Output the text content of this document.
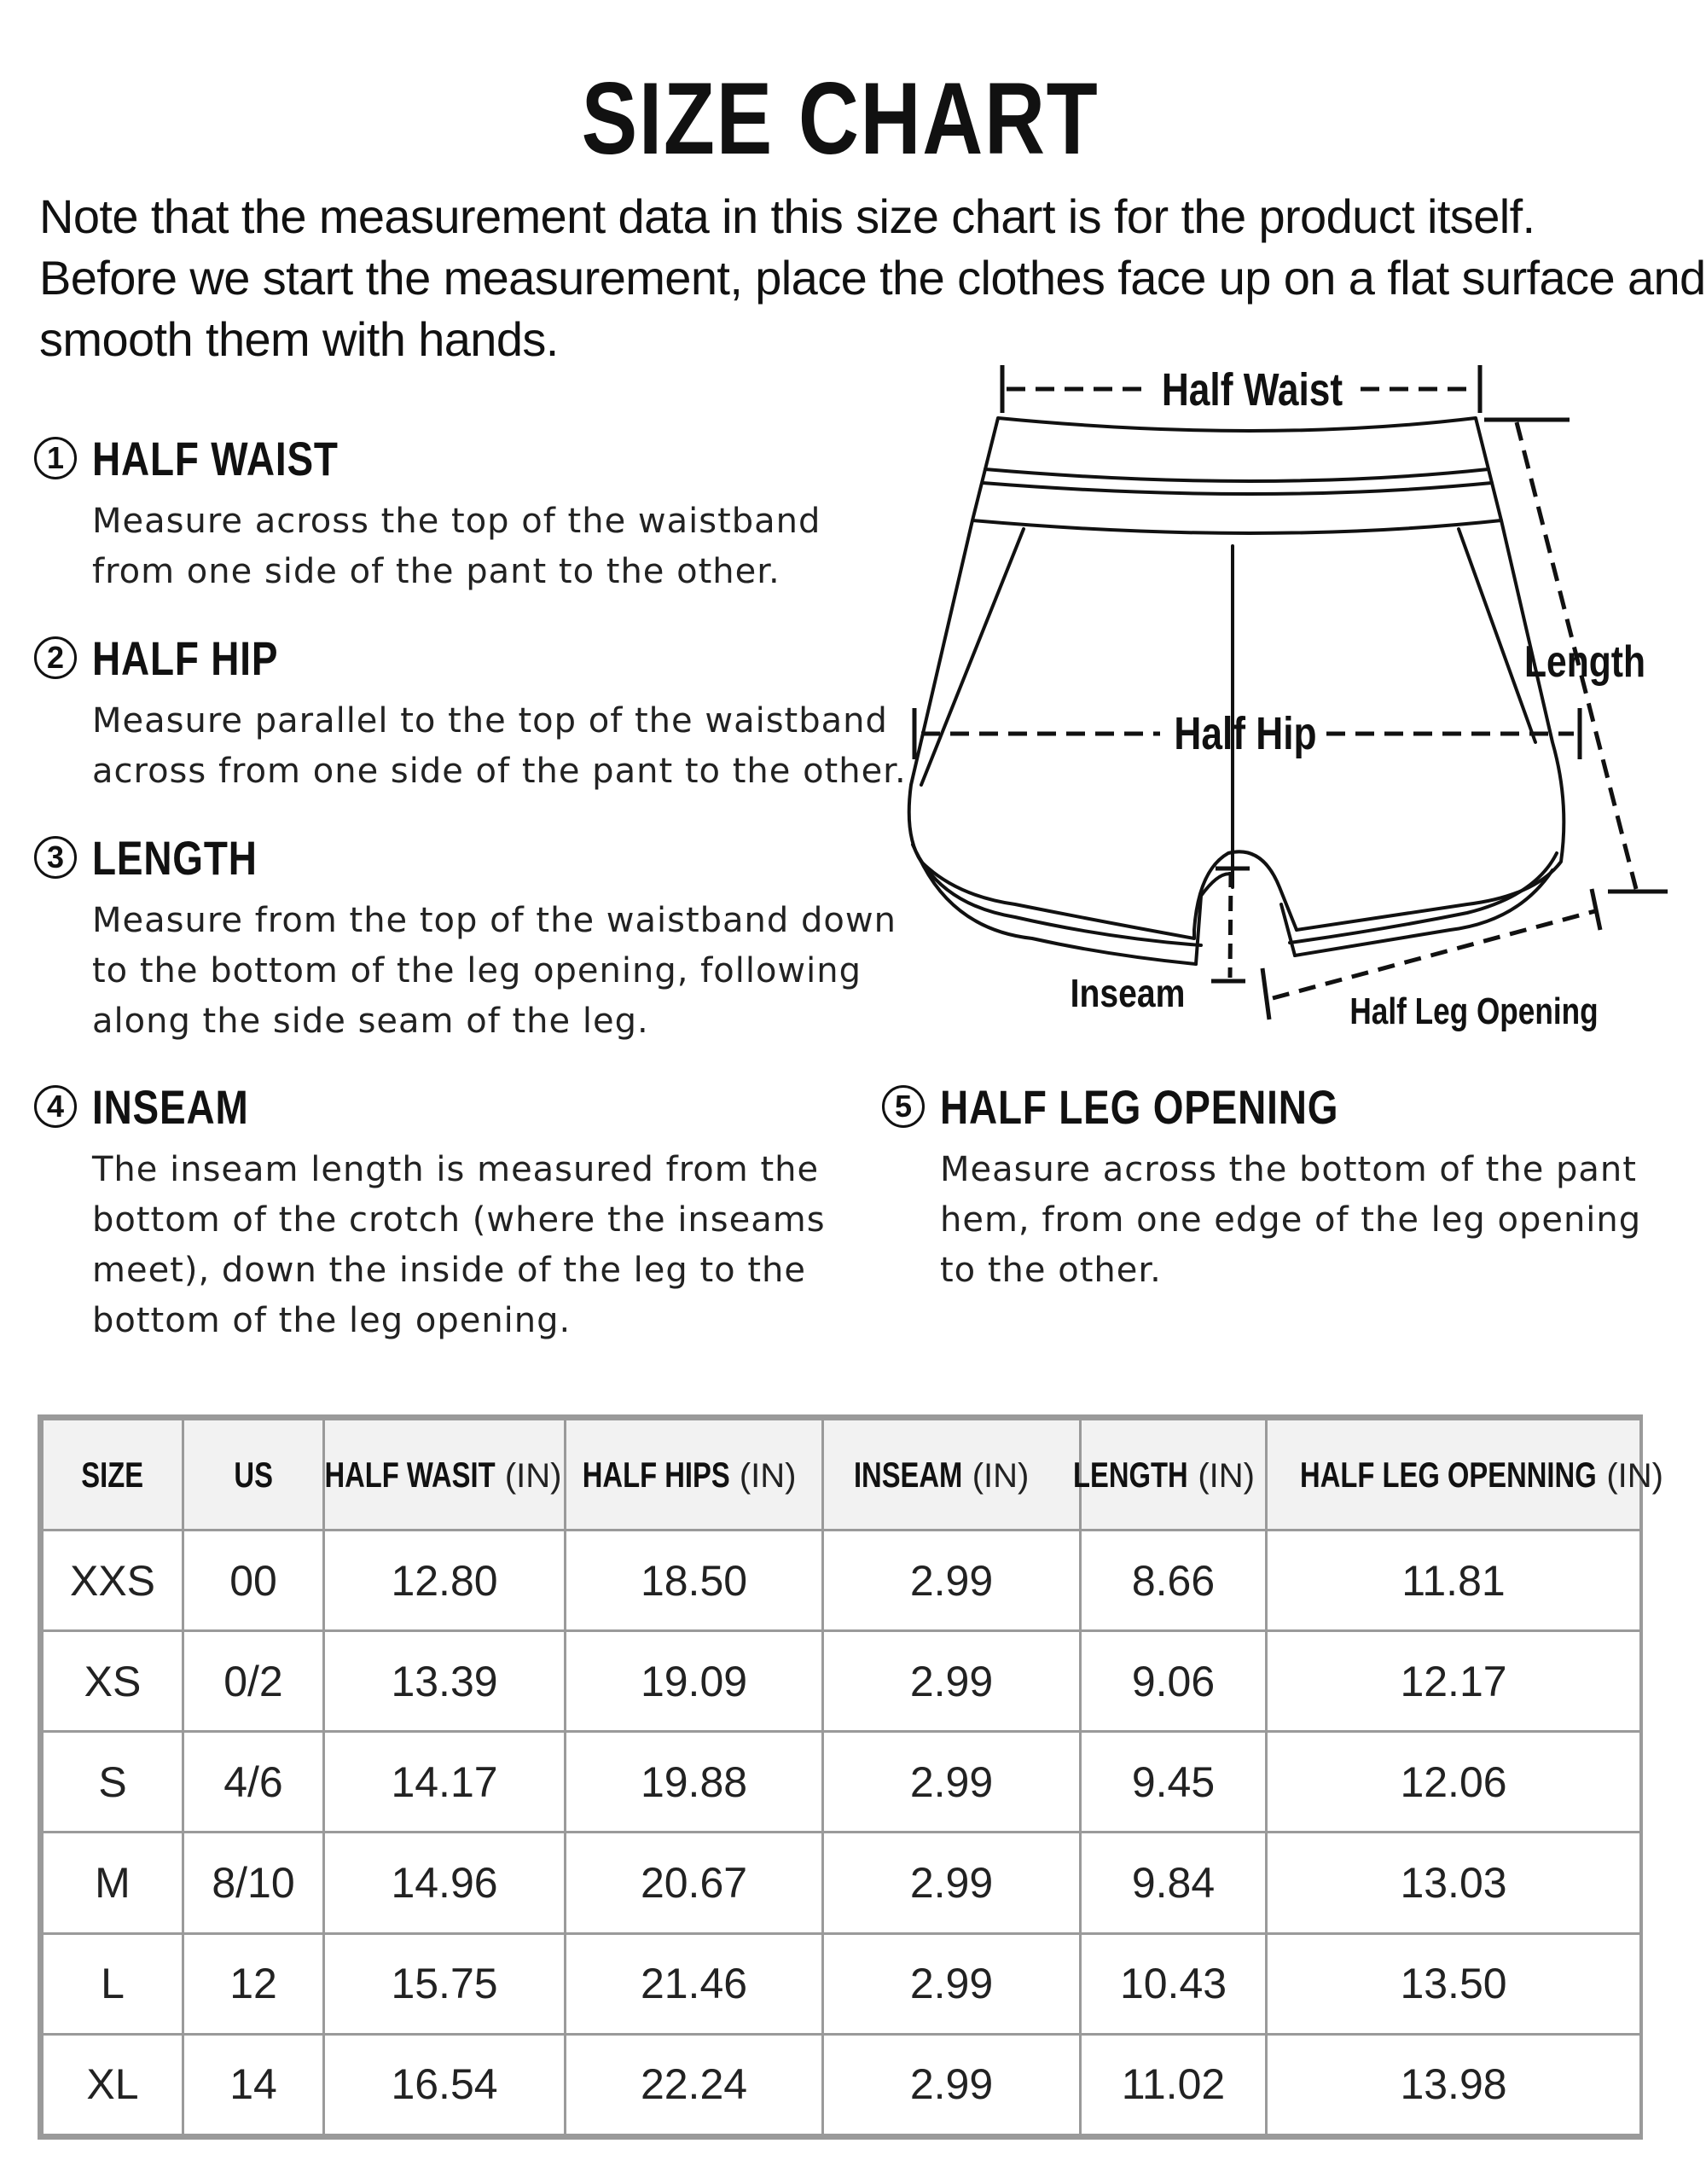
SIZE CHART
Note that the measurement data in this size chart is for the product itself.
Before we start the measurement, place the clothes face up on a flat surface and
smooth them with hands.
1 HALF WAIST
Measure across the top of the waistband
from one side of the pant to the other.
2 HALF HIP
Measure parallel to the top of the waistband
across from one side of the pant to the other.
3 LENGTH
Measure from the top of the waistband down
to the bottom of the leg opening, following
along the side seam of the leg.
4 INSEAM
The inseam length is measured from the
bottom of the crotch (where the inseams
meet), down the inside of the leg to the
bottom of the leg opening.
5 HALF LEG OPENING
Measure across the bottom of the pant
hem, from one edge of the leg opening
to the other.
Half Waist
Half Hip
Length
Inseam	Half Leg Opening
SIZE	US	HALF WASIT (IN)	HALF HIPS (IN)	INSEAM (IN)	LENGTH (IN)	HALF LEG OPENNING (IN)
XXS	00	12.80	18.50	2.99	8.66	11.81
XS	0/2	13.39	19.09	2.99	9.06	12.17
S	4/6	14.17	19.88	2.99	9.45	12.06
M	8/10	14.96	20.67	2.99	9.84	13.03
L	12	15.75	21.46	2.99	10.43	13.50
XL	14	16.54	22.24	2.99	11.02	13.98
